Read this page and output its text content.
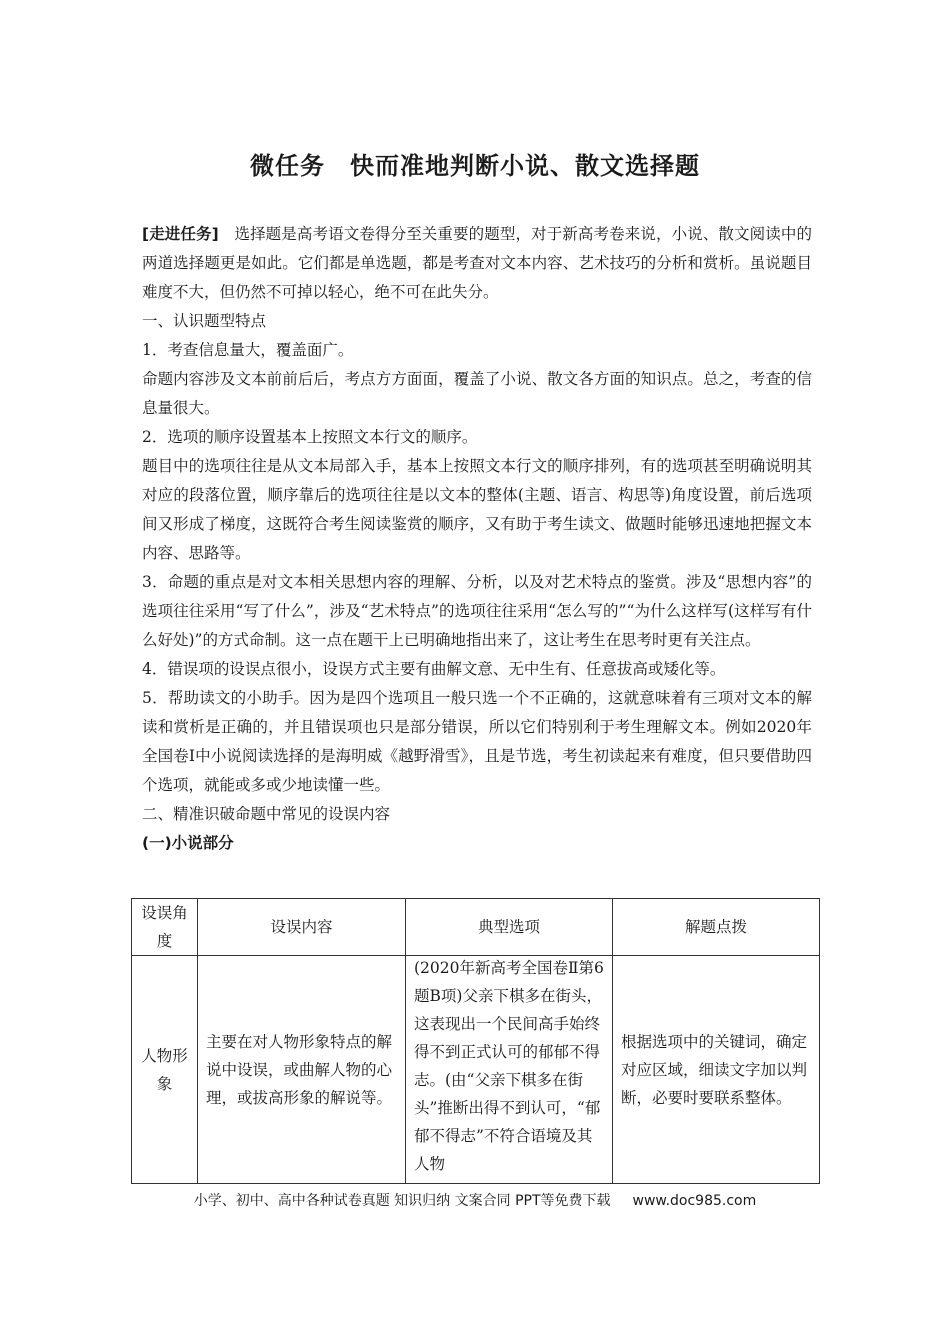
微任务　快而准地判断小说、散文选择题

[走进任务]　选择题是高考语文卷得分至关重要的题型，对于新高考卷来说，小说、散文阅读中的两道选择题更是如此。它们都是单选题，都是考查对文本内容、艺术技巧的分析和赏析。虽说题目难度不大，但仍然不可掉以轻心，绝不可在此失分。

一、认识题型特点

1．考查信息量大，覆盖面广。

命题内容涉及文本前前后后，考点方方面面，覆盖了小说、散文各方面的知识点。总之，考查的信息量很大。

2．选项的顺序设置基本上按照文本行文的顺序。

题目中的选项往往是从文本局部入手，基本上按照文本行文的顺序排列，有的选项甚至明确说明其对应的段落位置，顺序靠后的选项往往是以文本的整体(主题、语言、构思等)角度设置，前后选项间又形成了梯度，这既符合考生阅读鉴赏的顺序，又有助于考生读文、做题时能够迅速地把握文本内容、思路等。

3．命题的重点是对文本相关思想内容的理解、分析，以及对艺术特点的鉴赏。涉及“思想内容”的选项往往采用“写了什么”，涉及“艺术特点”的选项往往采用“怎么写的”“为什么这样写(这样写有什么好处)”的方式命制。这一点在题干上已明确地指出来了，这让考生在思考时更有关注点。

4．错误项的设误点很小，设误方式主要有曲解文意、无中生有、任意拔高或矮化等。

5．帮助读文的小助手。因为是四个选项且一般只选一个不正确的，这就意味着有三项对文本的解读和赏析是正确的，并且错误项也只是部分错误，所以它们特别利于考生理解文本。例如2020年全国卷Ⅰ中小说阅读选择的是海明威《越野滑雪》，且是节选，考生初读起来有难度，但只要借助四个选项，就能或多或少地读懂一些。

二、精准识破命题中常见的设误内容

(一)小说部分

设误角度	设误内容	典型选项	解题点拨
人物形象	主要在对人物形象特点的解说中设误，或曲解人物的心理，或拔高形象的解说等。	(2020年新高考全国卷Ⅱ第6题B项)父亲下棋多在街头，这表现出一个民间高手始终得不到正式认可的郁郁不得志。(由“父亲下棋多在街头”推断出得不到认可，“郁郁不得志”不符合语境及其人物	根据选项中的关键词，确定对应区域，细读文字加以判断，必要时要联系整体。
小学、初中、高中各种试卷真题 知识归纳 文案合同 PPT等免费下载 www.doc985.com
